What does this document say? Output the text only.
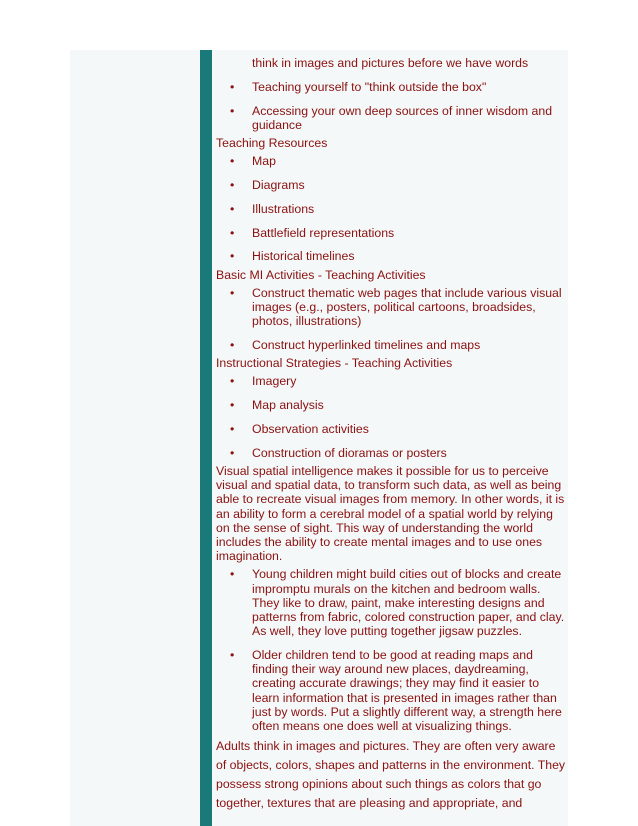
think in images and pictures before we have words
• Teaching yourself to "think outside the box"
• Accessing your own deep sources of inner wisdom and guidance
Teaching Resources
• Map
• Diagrams
• Illustrations
• Battlefield representations
• Historical timelines
Basic MI Activities - Teaching Activities
• Construct thematic web pages that include various visual images (e.g., posters, political cartoons, broadsides, photos, illustrations)
• Construct hyperlinked timelines and maps
Instructional Strategies - Teaching Activities
• Imagery
• Map analysis
• Observation activities
• Construction of dioramas or posters
Visual spatial intelligence makes it possible for us to perceive visual and spatial data, to transform such data, as well as being able to recreate visual images from memory. In other words, it is an ability to form a cerebral model of a spatial world by relying on the sense of sight. This way of understanding the world includes the ability to create mental images and to use ones imagination.
• Young children might build cities out of blocks and create impromptu murals on the kitchen and bedroom walls. They like to draw, paint, make interesting designs and patterns from fabric, colored construction paper, and clay. As well, they love putting together jigsaw puzzles.
• Older children tend to be good at reading maps and finding their way around new places, daydreaming, creating accurate drawings; they may find it easier to learn information that is presented in images rather than just by words. Put a slightly different way, a strength here often means one does well at visualizing things.
Adults think in images and pictures. They are often very aware of objects, colors, shapes and patterns in the environment. They possess strong opinions about such things as colors that go together, textures that are pleasing and appropriate, and
